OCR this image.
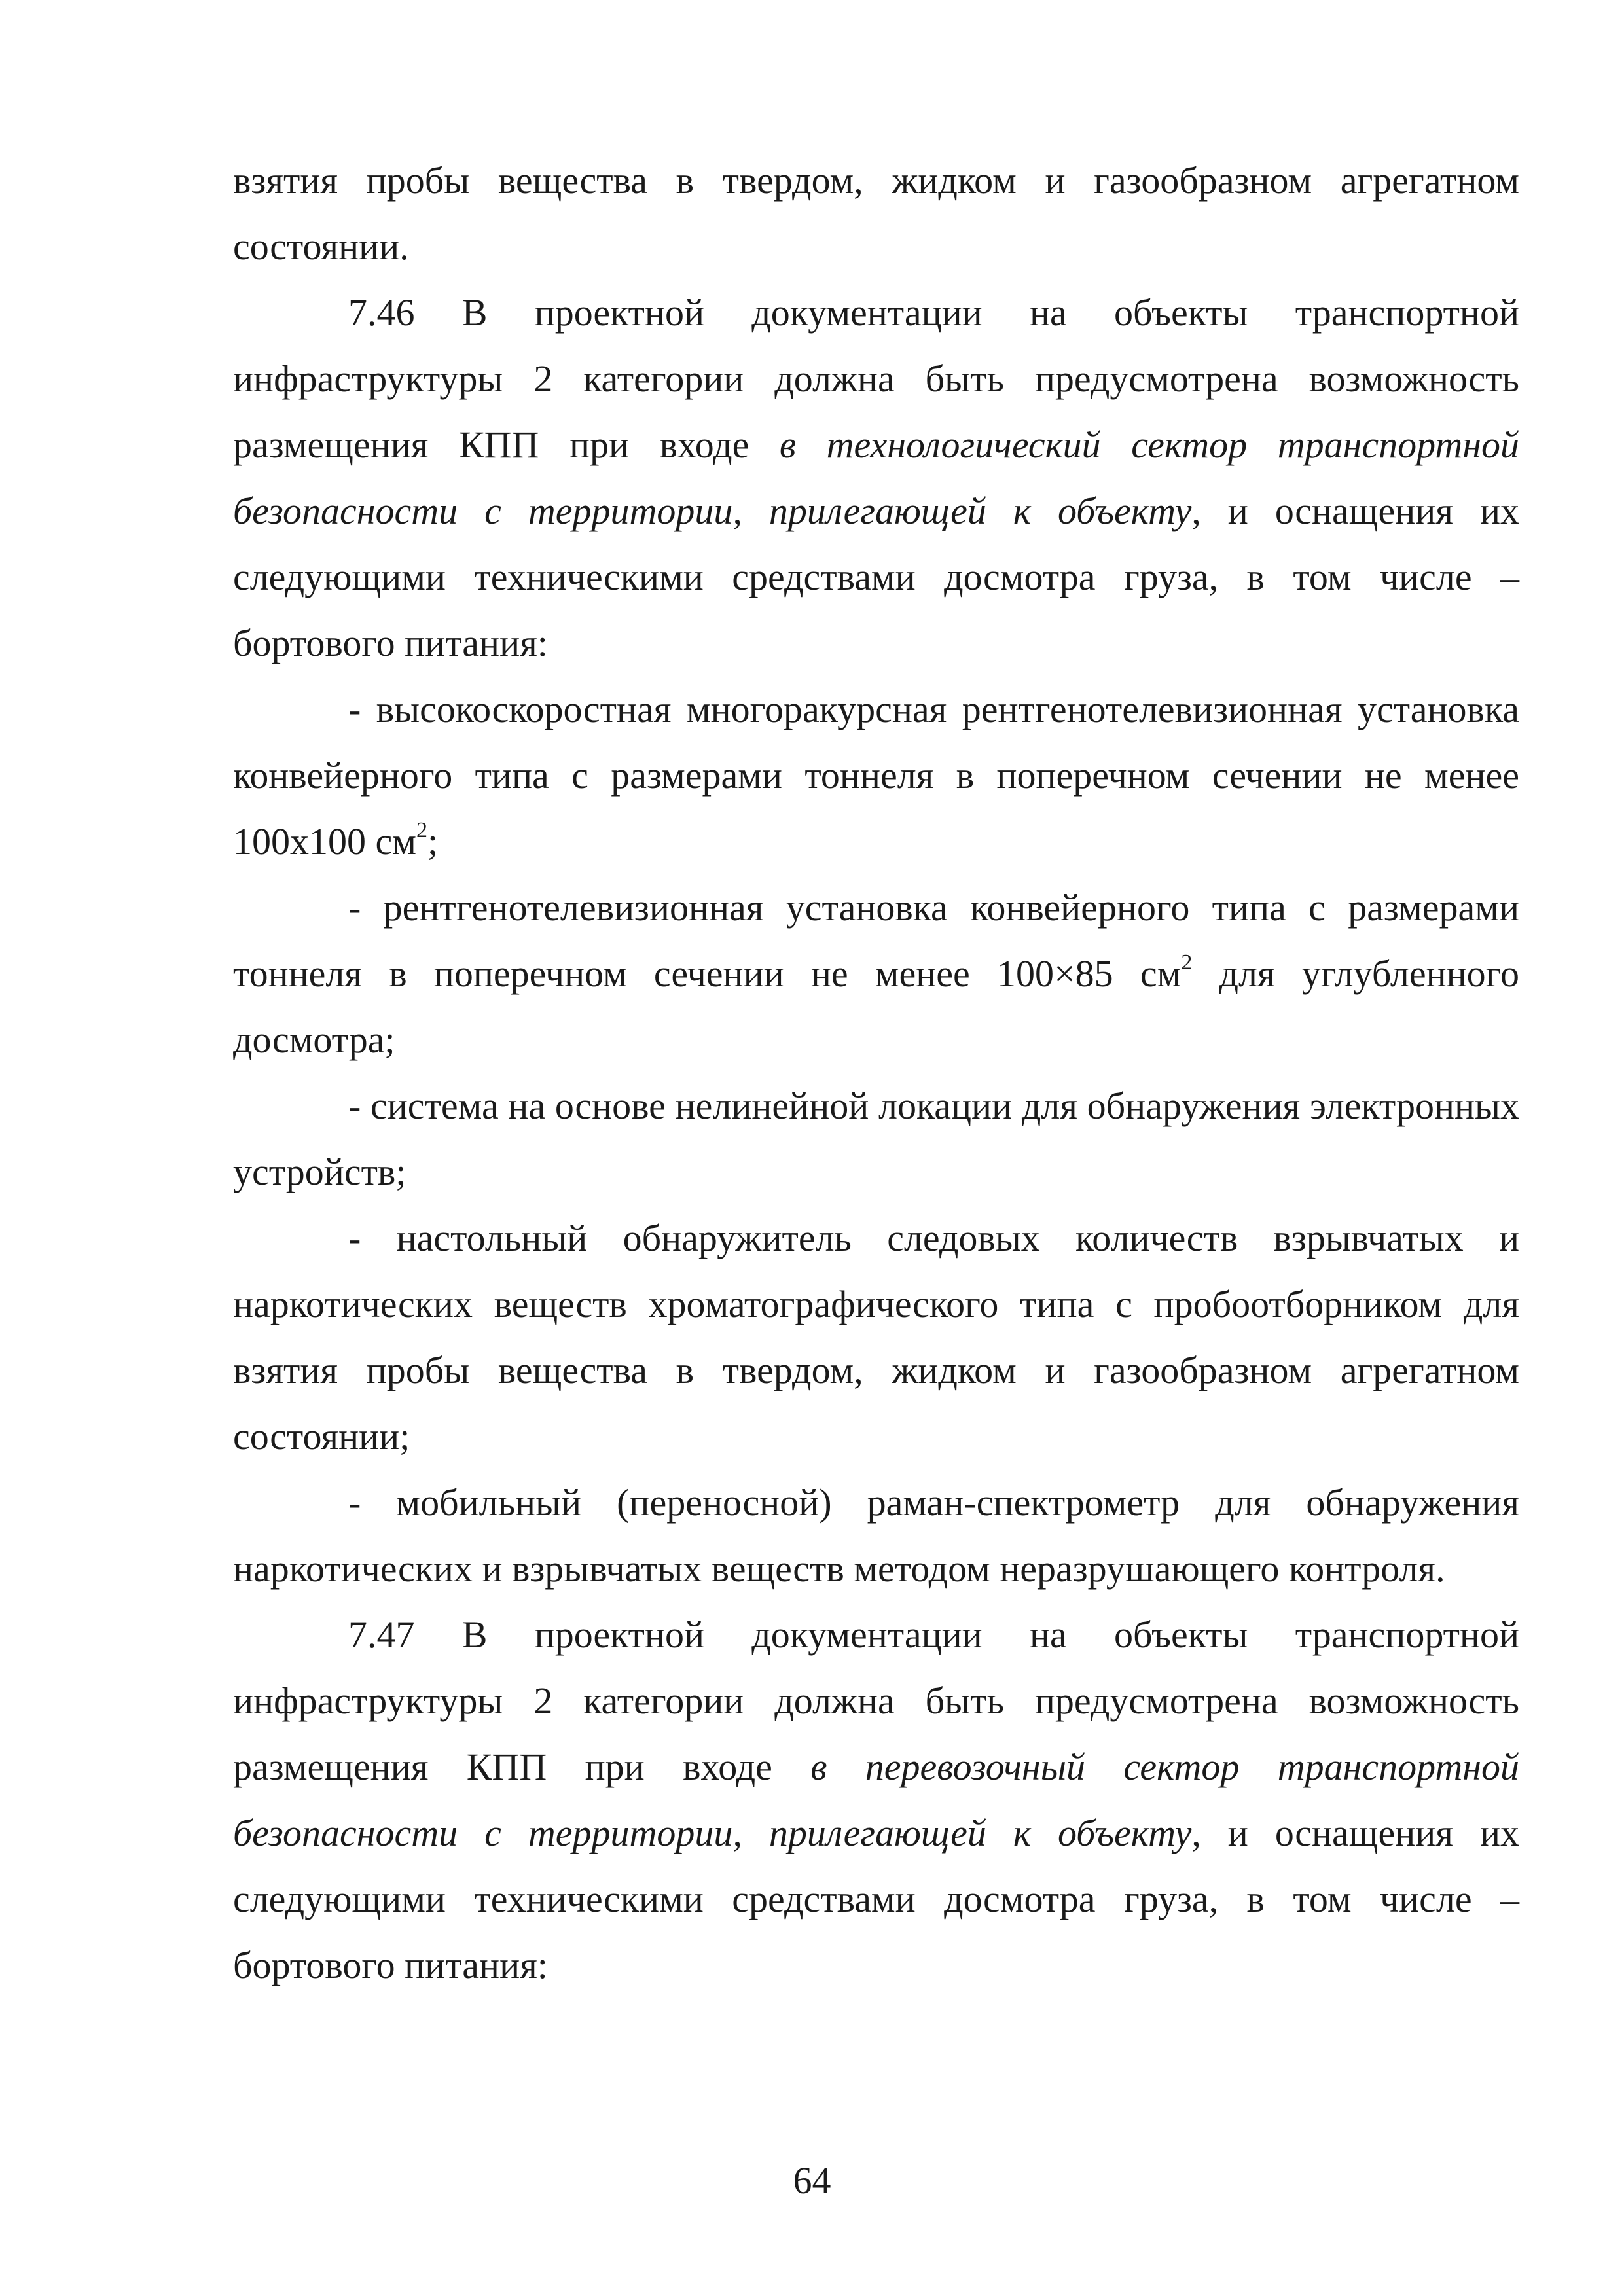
взятия пробы вещества в твердом, жидком и газообразном агрегатном состоянии.

7.46 В проектной документации на объекты транспортной инфраструктуры 2 категории должна быть предусмотрена возможность размещения КПП при входе в технологический сектор транспортной безопасности с территории, прилегающей к объекту, и оснащения их следующими техническими средствами досмотра груза, в том числе – бортового питания:

- высокоскоростная многоракурсная рентгенотелевизионная установка конвейерного типа с размерами тоннеля в поперечном сечении не менее 100х100 $см^2$;

- рентгенотелевизионная установка конвейерного типа с размерами тоннеля в поперечном сечении не менее 100×85 $см^2$ для углубленного досмотра;

- система на основе нелинейной локации для обнаружения электронных устройств;

- настольный обнаружитель следовых количеств взрывчатых и наркотических веществ хроматографического типа с пробоотборником для взятия пробы вещества в твердом, жидком и газообразном агрегатном состоянии;

- мобильный (переносной) раман-спектрометр для обнаружения наркотических и взрывчатых веществ методом неразрушающего контроля.

7.47 В проектной документации на объекты транспортной инфраструктуры 2 категории должна быть предусмотрена возможность размещения КПП при входе в перевозочный сектор транспортной безопасности с территории, прилегающей к объекту, и оснащения их следующими техническими средствами досмотра груза, в том числе – бортового питания:

64
